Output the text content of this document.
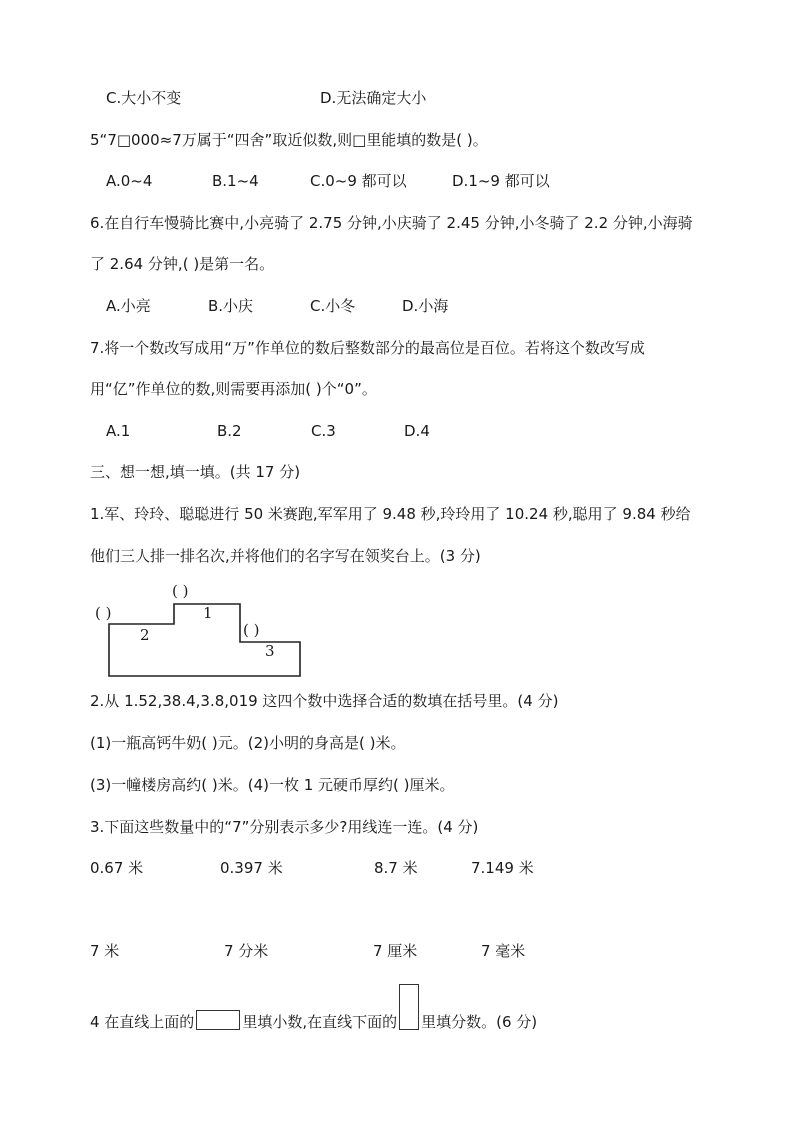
C.大小不变	D.无法确定大小
5“7□000≈7万属于“四舍”取近似数,则□里能填的数是( )。
A.0~4	B.1~4	C.0~9 都可以	D.1~9 都可以
6.在自行车慢骑比赛中,小亮骑了 2.75 分钟,小庆骑了 2.45 分钟,小冬骑了 2.2 分钟,小海骑
了 2.64 分钟,( )是第一名。
A.小亮	B.小庆	C.小冬	D.小海
7.将一个数改写成用“万”作单位的数后整数部分的最高位是百位。若将这个数改写成
用“亿”作单位的数,则需要再添加( )个“0”。
A.1	B.2	C.3	D.4
三、想一想,填一填。(共 17 分)
1.军、玲玲、聪聪进行 50 米赛跑,军军用了 9.48 秒,玲玲用了 10.24 秒,聪用了 9.84 秒给
他们三人排一排名次,并将他们的名字写在领奖台上。(3 分)
( )
1
( )
2	( )
3
2.从 1.52,38.4,3.8,019 这四个数中选择合适的数填在括号里。(4 分)
(1)一瓶高钙牛奶( )元。(2)小明的身高是( )米。
(3)一幢楼房高约( )米。(4)一枚 1 元硬币厚约( )厘米。
3.下面这些数量中的“7”分别表示多少?用线连一连。(4 分)
0.67 米	0.397 米	8.7 米	7.149 米
7 米	7 分米	7 厘米	7 毫米
4 在直线上面的	里填小数,在直线下面的 里填分数。(6 分)
